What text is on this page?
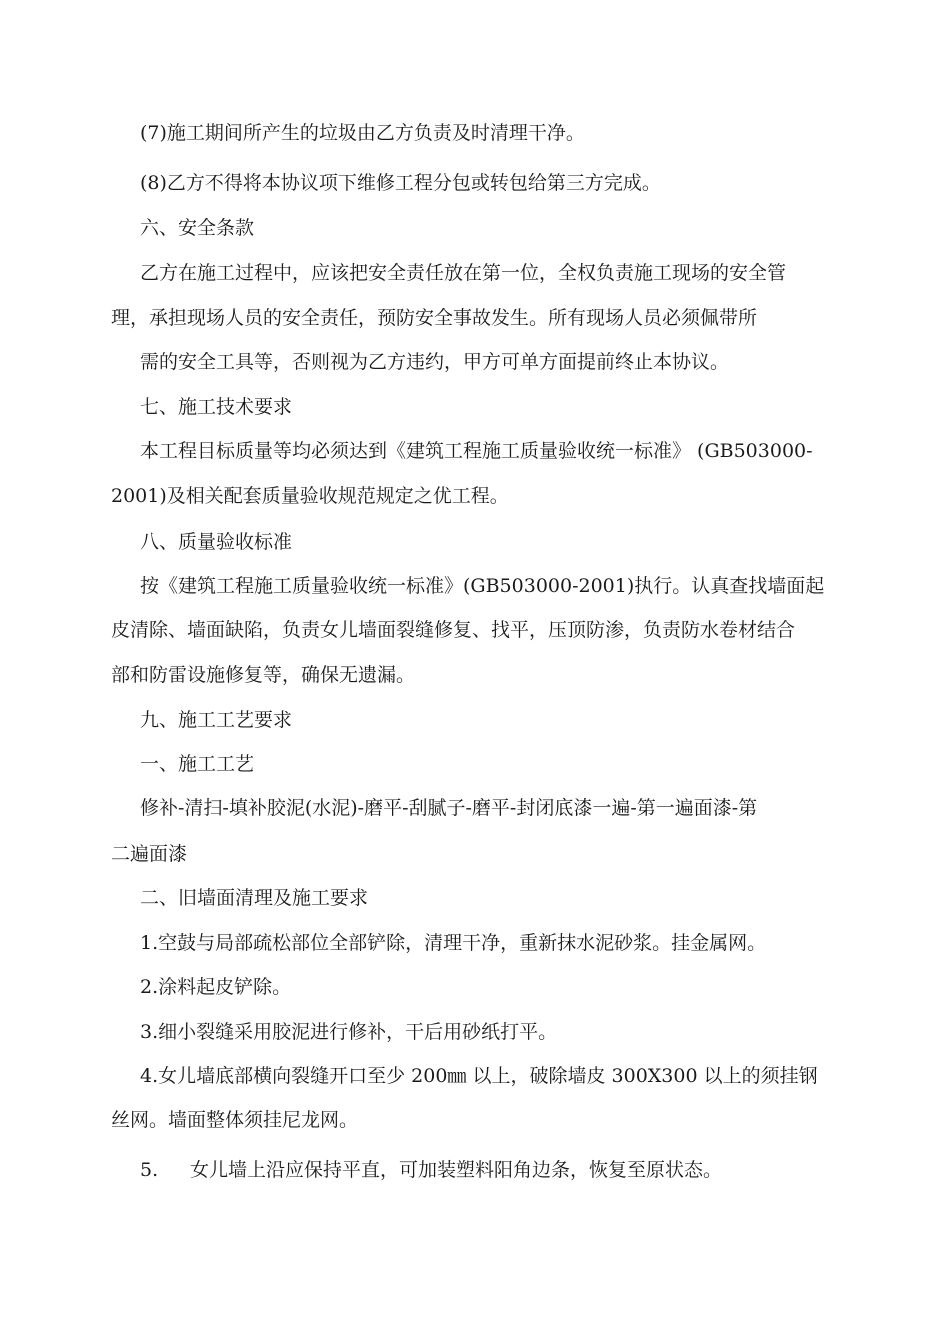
(7)施工期间所产生的垃圾由乙方负责及时清理干净。

(8)乙方不得将本协议项下维修工程分包或转包给第三方完成。

六、安全条款

乙方在施工过程中，应该把安全责任放在第一位，全权负责施工现场的安全管

理，承担现场人员的安全责任，预防安全事故发生。所有现场人员必须佩带所

需的安全工具等，否则视为乙方违约，甲方可单方面提前终止本协议。

七、施工技术要求

本工程目标质量等均必须达到《建筑工程施工质量验收统一标准》 (GB503000-

2001)及相关配套质量验收规范规定之优工程。

八、质量验收标准

按《建筑工程施工质量验收统一标准》(GB503000-2001)执行。认真查找墙面起

皮清除、墙面缺陷，负责女儿墙面裂缝修复、找平，压顶防渗，负责防水卷材结合

部和防雷设施修复等，确保无遗漏。

九、施工工艺要求

一、施工工艺

修补-清扫-填补胶泥(水泥)-磨平-刮腻子-磨平-封闭底漆一遍-第一遍面漆-第

二遍面漆

二、旧墙面清理及施工要求

1.空鼓与局部疏松部位全部铲除，清理干净，重新抹水泥砂浆。挂金属网。

2.涂料起皮铲除。

3.细小裂缝采用胶泥进行修补，干后用砂纸打平。

4.女儿墙底部横向裂缝开口至少 200㎜ 以上，破除墙皮 300X300 以上的须挂钢

丝网。墙面整体须挂尼龙网。

5. 女儿墙上沿应保持平直，可加装塑料阳角边条，恢复至原状态。
